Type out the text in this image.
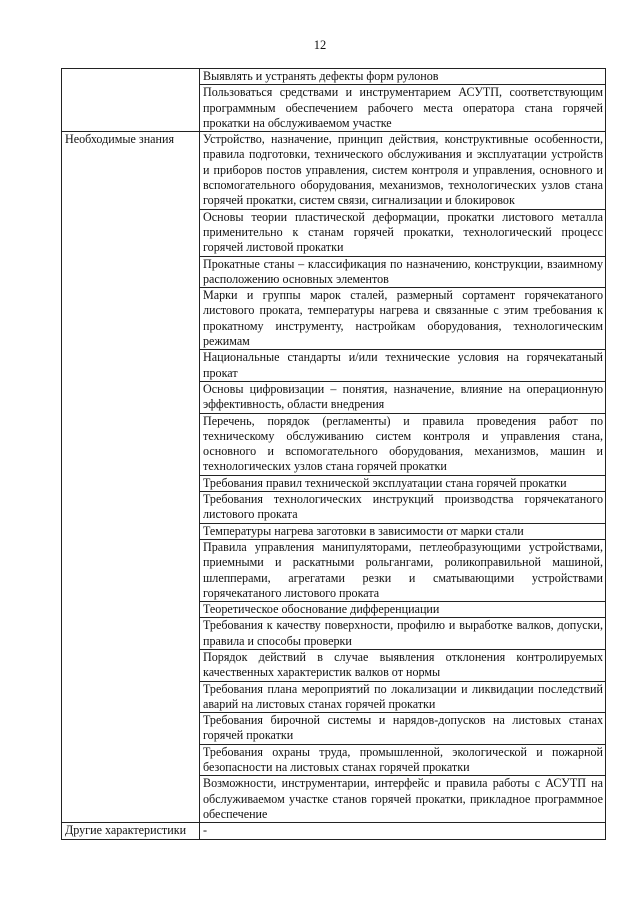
12

	Выявлять и устранять дефекты форм рулонов

	Пользоваться средствами и инструментарием АСУТП, соответствующим программным обеспечением рабочего места оператора стана горячей прокатки на обслуживаемом участке

Необходимые знания	Устройство, назначение, принцип действия, конструктивные особенности, правила подготовки, технического обслуживания и эксплуатации устройств и приборов постов управления, систем контроля и управления, основного и вспомогательного оборудования, механизмов, технологических узлов стана горячей прокатки, систем связи, сигнализации и блокировок

	Основы теории пластической деформации, прокатки листового металла применительно к станам горячей прокатки, технологический процесс горячей листовой прокатки

	Прокатные станы – классификация по назначению, конструкции, взаимному расположению основных элементов

	Марки и группы марок сталей, размерный сортамент горячекатаного листового проката, температуры нагрева и связанные с этим требования к прокатному инструменту, настройкам оборудования, технологическим режимам

	Национальные стандарты и/или технические условия на горячекатаный прокат

	Основы цифровизации – понятия, назначение, влияние на операционную эффективность, области внедрения

	Перечень, порядок (регламенты) и правила проведения работ по техническому обслуживанию систем контроля и управления стана, основного и вспомогательного оборудования, механизмов, машин и технологических узлов стана горячей прокатки

	Требования правил технической эксплуатации стана горячей прокатки

	Требования технологических инструкций производства горячекатаного листового проката

	Температуры нагрева заготовки в зависимости от марки стали

	Правила управления манипуляторами, петлеобразующими устройствами, приемными и раскатными рольгангами, роликоправильной машиной, шлепперами, агрегатами резки и сматывающими устройствами горячекатаного листового проката

	Теоретическое обоснование дифференциации

	Требования к качеству поверхности, профилю и выработке валков, допуски, правила и способы проверки

	Порядок действий в случае выявления отклонения контролируемых качественных характеристик валков от нормы

	Требования плана мероприятий по локализации и ликвидации последствий аварий на листовых станах горячей прокатки

	Требования бирочной системы и нарядов-допусков на листовых станах горячей прокатки

	Требования охраны труда, промышленной, экологической и пожарной безопасности на листовых станах горячей прокатки

	Возможности, инструментарии, интерфейс и правила работы с АСУТП на обслуживаемом участке станов горячей прокатки, прикладное программное обеспечение

Другие характеристики	-
